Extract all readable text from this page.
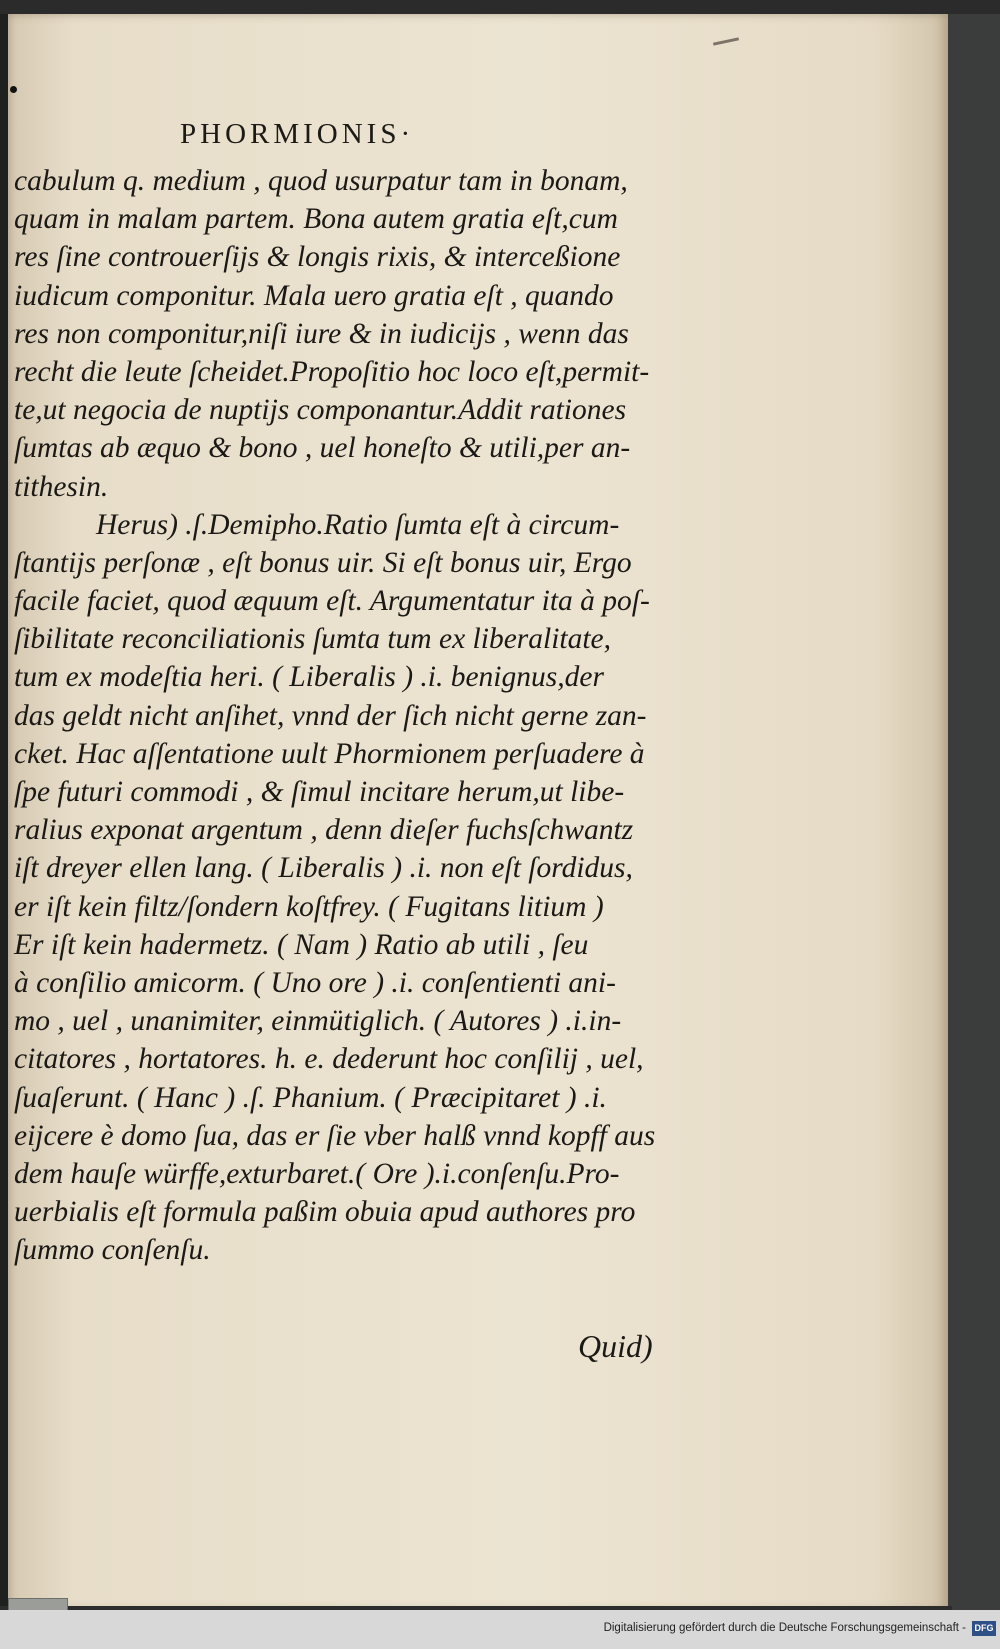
PHORMIONIS·
cabulum q. medium , quod usurpatur tam in bonam,
quam in malam partem. Bona autem gratia eſt,cum
res ſine controuerſijs & longis rixis, & interceßione
iudicum componitur. Mala uero gratia eſt , quando
res non componitur,niſi iure & in iudicijs , wenn das
recht die leute ſcheidet.Propoſitio hoc loco eſt,permit-
te,ut negocia de nuptijs componantur.Addit rationes
ſumtas ab æquo & bono , uel honeſto & utili,per an-
tithesin.
Herus) .ſ.Demipho.Ratio ſumta eſt à circum-
ſtantijs perſonæ , eſt bonus uir. Si eſt bonus uir, Ergo
facile faciet, quod æquum eſt. Argumentatur ita à poſ-
ſibilitate reconciliationis ſumta tum ex liberalitate,
tum ex modeſtia heri. ( Liberalis ) .i. benignus,der
das geldt nicht anſihet, vnnd der ſich nicht gerne zan-
cket. Hac aſſentatione uult Phormionem perſuadere à
ſpe futuri commodi , & ſimul incitare herum,ut libe-
ralius exponat argentum , denn dieſer fuchsſchwantz
iſt dreyer ellen lang. ( Liberalis ) .i. non eſt ſordidus,
er iſt kein filtz/ſondern koſtfrey. ( Fugitans litium )
Er iſt kein hadermetz. ( Nam ) Ratio ab utili , ſeu
à conſilio amicorm. ( Uno ore ) .i. conſentienti ani-
mo , uel , unanimiter, einmütiglich. ( Autores ) .i.in-
citatores , hortatores. h. e. dederunt hoc conſilij , uel,
ſuaſerunt. ( Hanc ) .ſ. Phanium. ( Præcipitaret ) .i.
eijcere è domo ſua, das er ſie vber halß vnnd kopff aus
dem hauſe würffe,exturbaret.( Ore ).i.conſenſu.Pro-
uerbialis eſt formula paßim obuia apud authores pro
ſummo conſenſu.
Quid)
Digitalisierung gefördert durch die Deutsche Forschungsgemeinschaft - DFG
